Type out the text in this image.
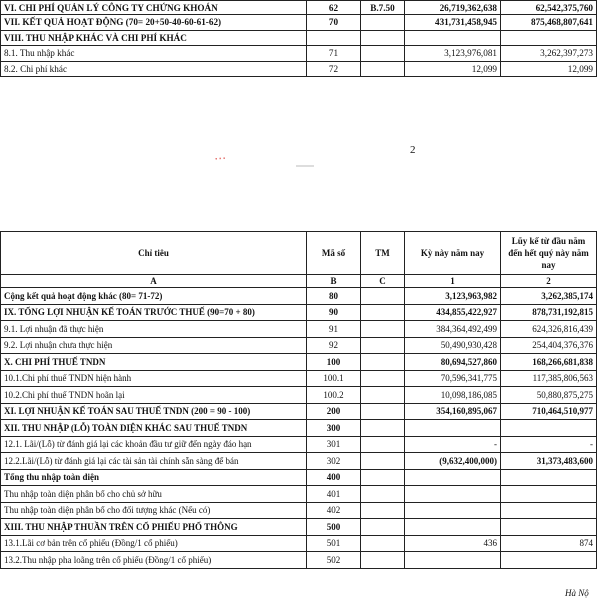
VI. CHI PHÍ QUẢN LÝ CÔNG TY CHỨNG KHOÁN	62	B.7.50	26,719,362,638	62,542,375,760
VII. KẾT QUẢ HOẠT ĐỘNG (70= 20+50-40-60-61-62)	70		431,731,458,945	875,468,807,641
VIII. THU NHẬP KHÁC VÀ CHI PHÍ KHÁC				
8.1. Thu nhập khác	71		3,123,976,081	3,262,397,273
8.2. Chi phí khác	72		12,099	12,099
…	2
Chỉ tiêu	Mã số	TM	Kỳ này năm nay	Lũy kế từ đầu năm đến hết quý này năm nay
A	B	C	1	2
Cộng kết quả hoạt động khác (80= 71-72)	80		3,123,963,982	3,262,385,174
IX. TỔNG LỢI NHUẬN KẾ TOÁN TRƯỚC THUẾ (90=70 + 80)	90		434,855,422,927	878,731,192,815
9.1. Lợi nhuận đã thực hiện	91		384,364,492,499	624,326,816,439
9.2. Lợi nhuận chưa thực hiện	92		50,490,930,428	254,404,376,376
X. CHI PHÍ THUẾ TNDN	100		80,694,527,860	168,266,681,838
10.1.Chi phí thuế TNDN hiện hành	100.1		70,596,341,775	117,385,806,563
10.2.Chi phí thuế TNDN hoãn lại	100.2		10,098,186,085	50,880,875,275
XI. LỢI NHUẬN KẾ TOÁN SAU THUẾ TNDN (200 = 90 - 100)	200		354,160,895,067	710,464,510,977
XII. THU NHẬP (LỖ) TOÀN DIỆN KHÁC SAU THUẾ TNDN	300			
12.1. Lãi/(Lỗ) từ đánh giá lại các khoản đầu tư giữ đến ngày đáo hạn	301		-	-
12.2.Lãi/(Lỗ) từ đánh giá lại các tài sản tài chính sẵn sàng để bán	302		(9,632,400,000)	31,373,483,600
Tổng thu nhập toàn diện	400			
Thu nhập toàn diện phân bổ cho chủ sở hữu	401			
Thu nhập toàn diện phân bổ cho đối tượng khác (Nếu có)	402			
XIII. THU NHẬP THUẦN TRÊN CỔ PHIẾU PHỔ THÔNG	500			
13.1.Lãi cơ bản trên cổ phiếu (Đồng/1 cổ phiếu)	501		436	874
13.2.Thu nhập pha loãng trên cổ phiếu (Đồng/1 cổ phiếu)	502			
Hà Nộ
